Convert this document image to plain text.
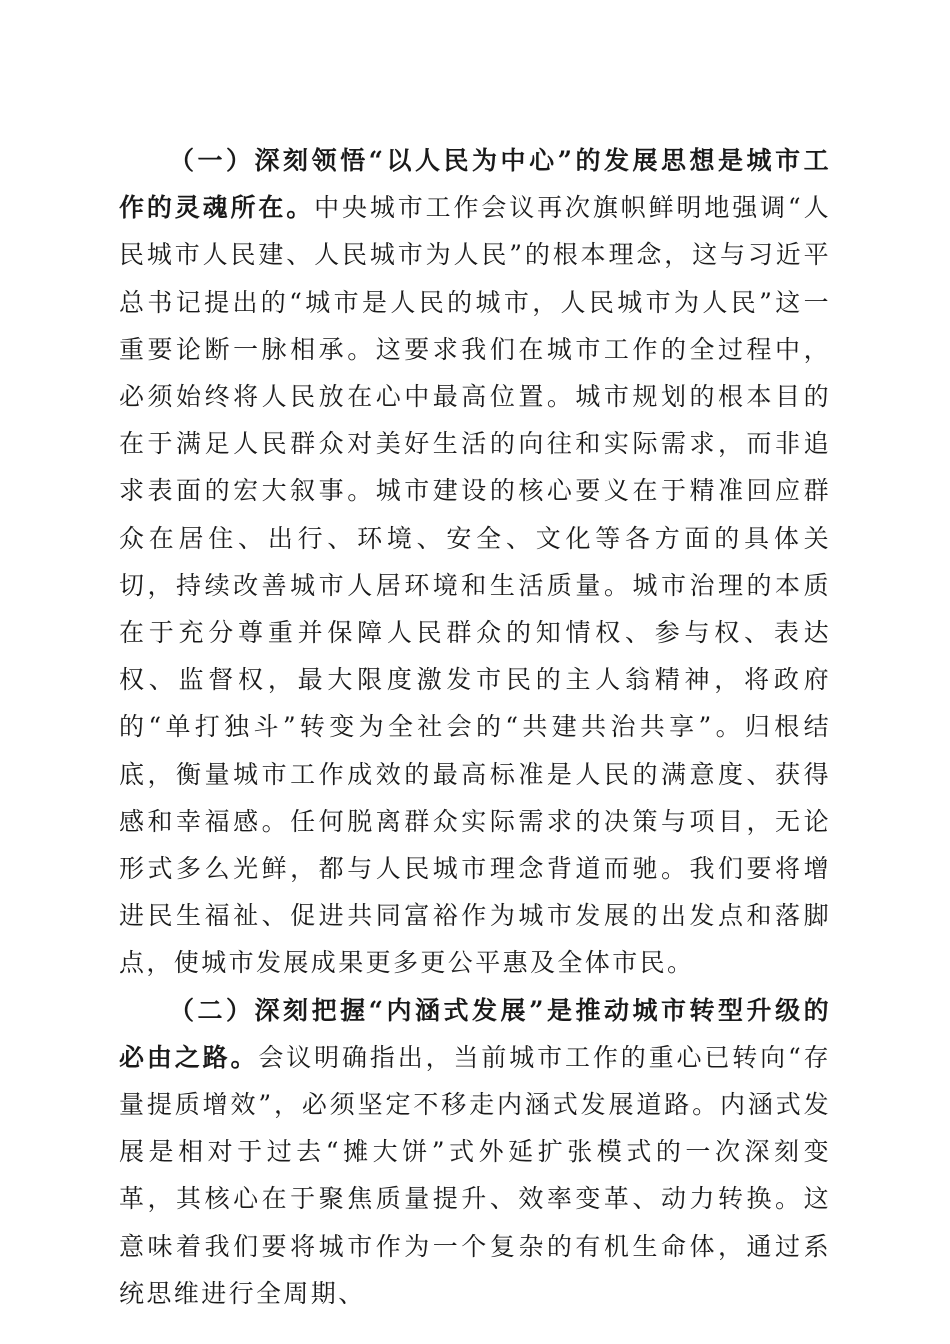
（一）深刻领悟“以人民为中心”的发展思想是城市工作的灵魂所在。中央城市工作会议再次旗帜鲜明地强调“人民城市人民建、人民城市为人民”的根本理念，这与习近平总书记提出的“城市是人民的城市，人民城市为人民”这一重要论断一脉相承。这要求我们在城市工作的全过程中，必须始终将人民放在心中最高位置。城市规划的根本目的在于满足人民群众对美好生活的向往和实际需求，而非追求表面的宏大叙事。城市建设的核心要义在于精准回应群众在居住、出行、环境、安全、文化等各方面的具体关切，持续改善城市人居环境和生活质量。城市治理的本质在于充分尊重并保障人民群众的知情权、参与权、表达权、监督权，最大限度激发市民的主人翁精神，将政府的“单打独斗”转变为全社会的“共建共治共享”。归根结底，衡量城市工作成效的最高标准是人民的满意度、获得感和幸福感。任何脱离群众实际需求的决策与项目，无论形式多么光鲜，都与人民城市理念背道而驰。我们要将增进民生福祉、促进共同富裕作为城市发展的出发点和落脚点，使城市发展成果更多更公平惠及全体市民。

（二）深刻把握“内涵式发展”是推动城市转型升级的必由之路。会议明确指出，当前城市工作的重心已转向“存量提质增效”，必须坚定不移走内涵式发展道路。内涵式发展是相对于过去“摊大饼”式外延扩张模式的一次深刻变革，其核心在于聚焦质量提升、效率变革、动力转换。这意味着我们要将城市作为一个复杂的有机生命体，通过系统思维进行全周期、
